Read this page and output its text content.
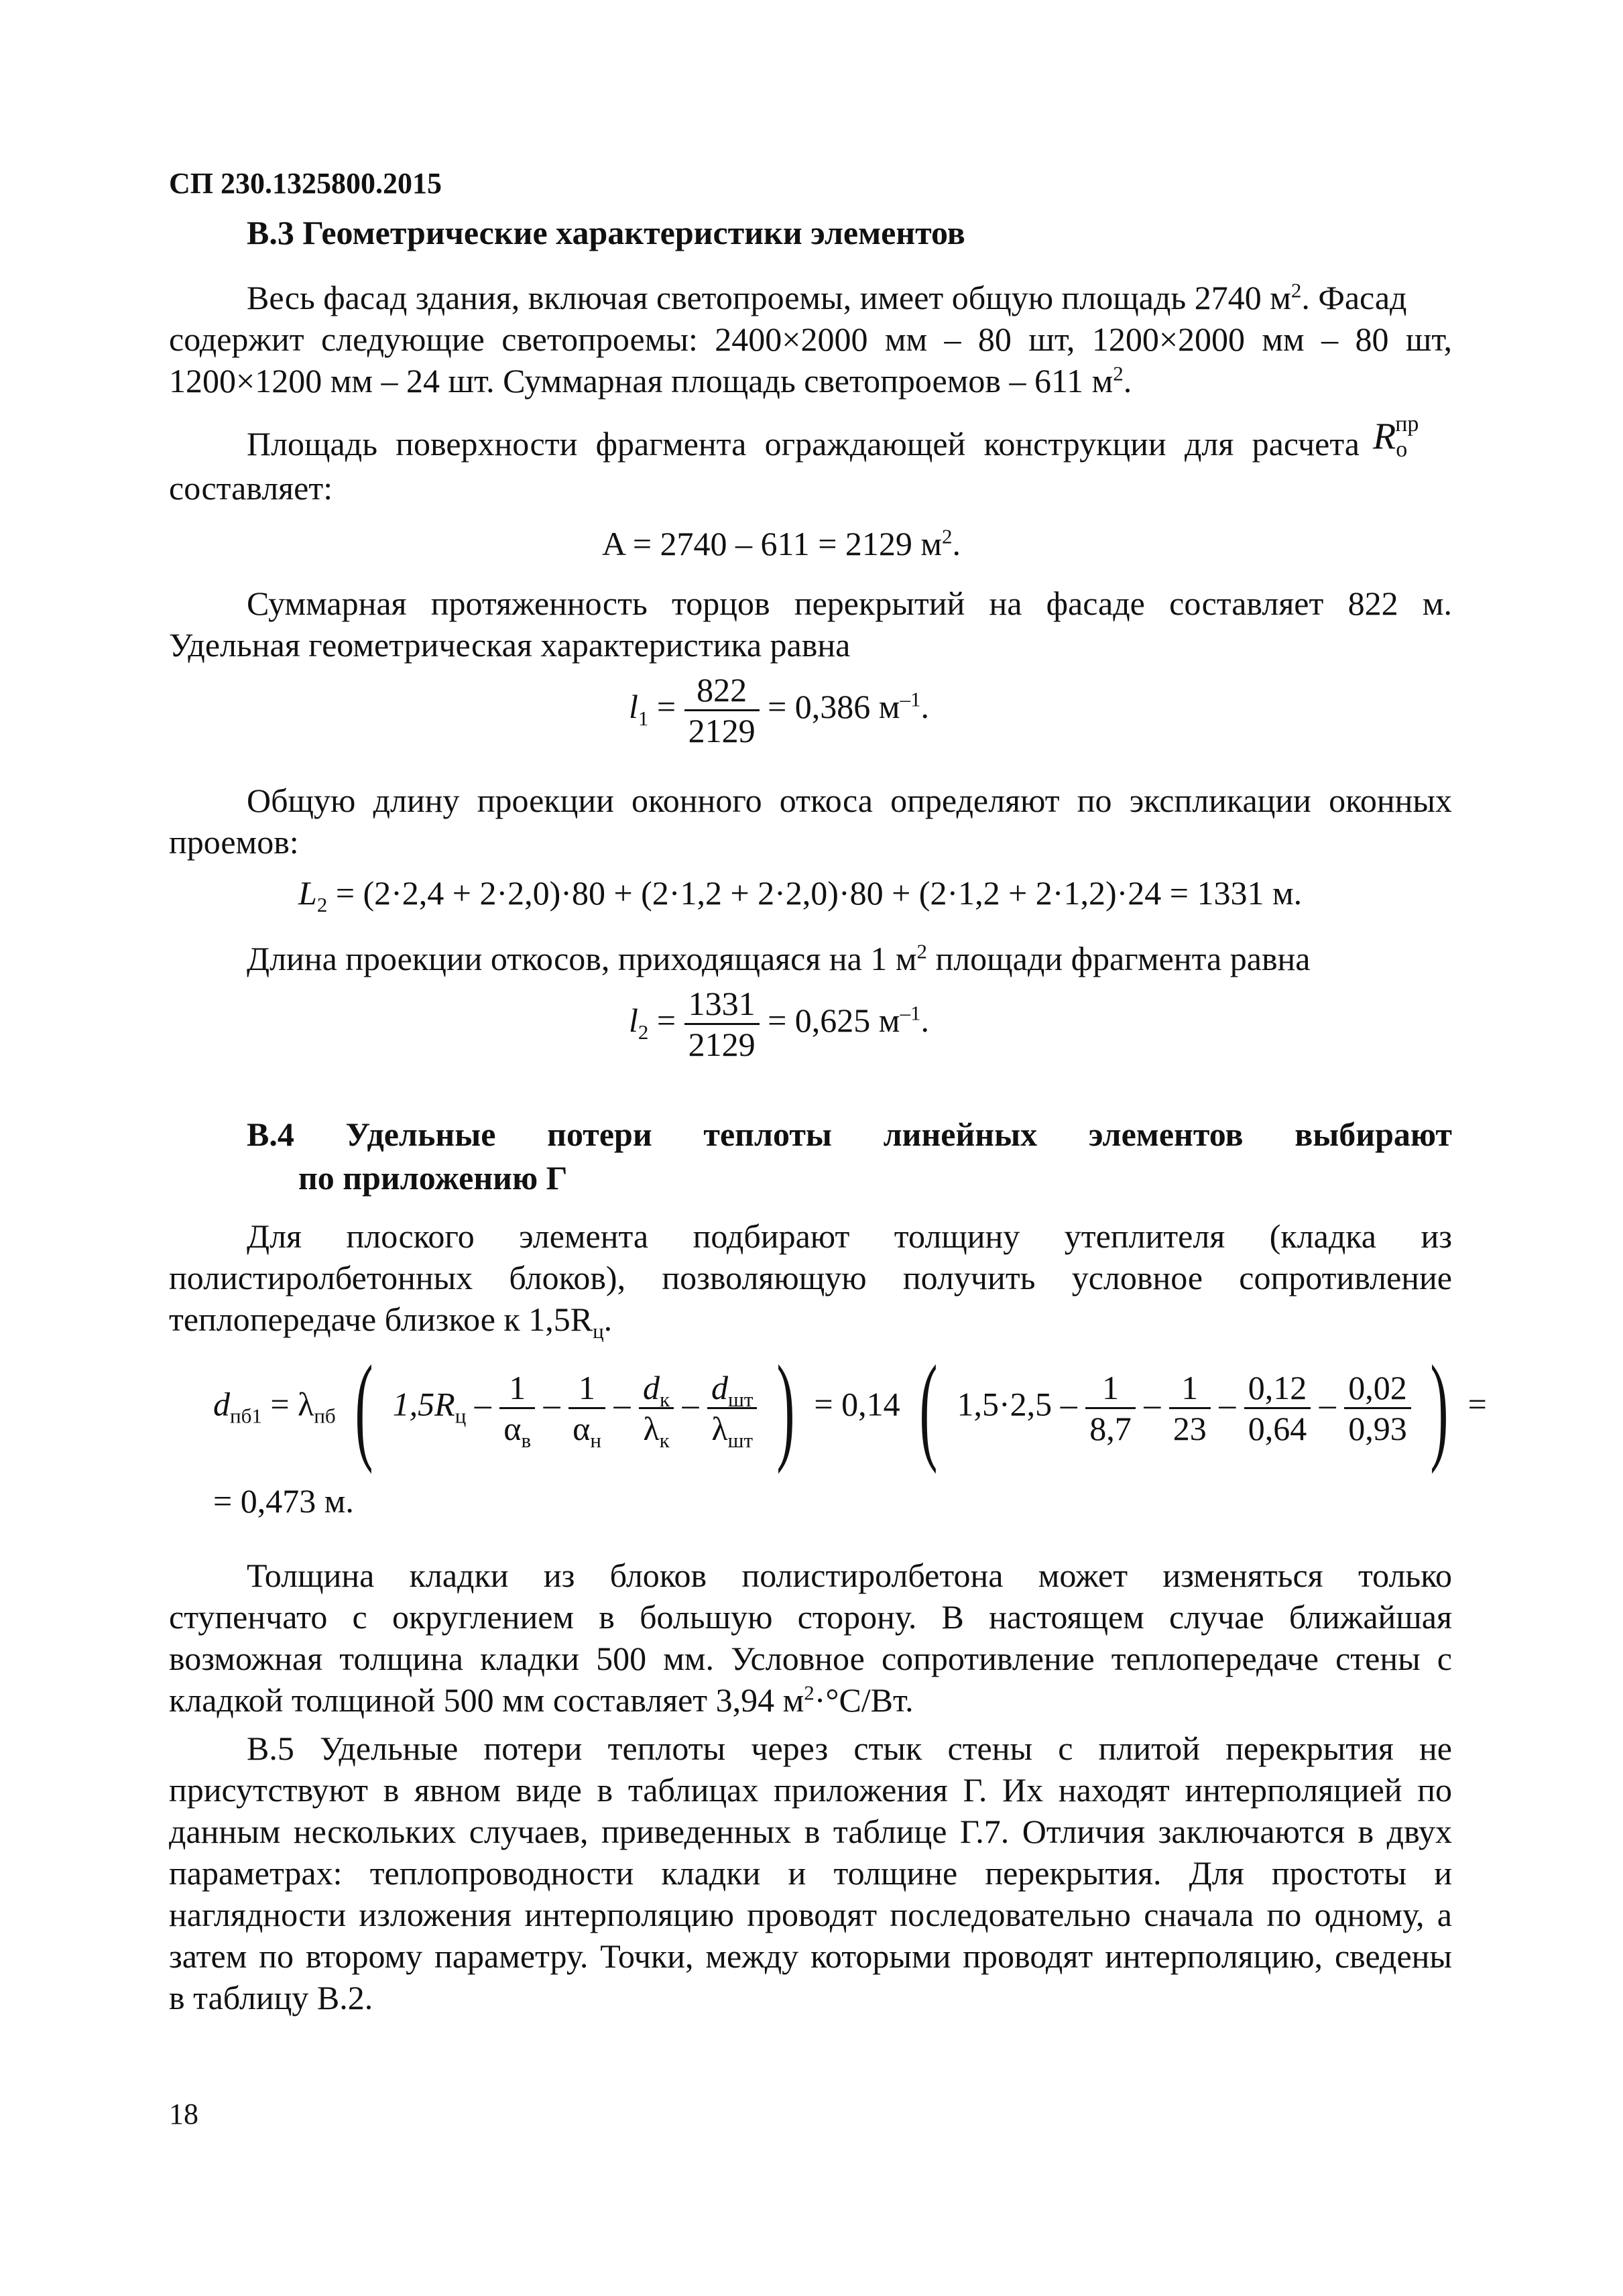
СП 230.1325800.2015
В.3 Геометрические характеристики элементов
Весь фасад здания, включая светопроемы, имеет общую площадь 2740 $м^2$. Фасад
содержит следующие светопроемы: 2400×2000 мм – 80 шт, 1200×2000 мм – 80 шт,
1200×1200 мм – 24 шт. Суммарная площадь светопроемов – 611 $м^2$.
Площадь поверхности фрагмента ограждающей конструкции для расчета $R_о^{пр}$
составляет:
A = 2740 – 611 = 2129 $м^2$.
Суммарная протяженность торцов перекрытий на фасаде составляет 822 м.
Удельная геометрическая характеристика равна
$l_1 = \frac{822}{2129} = 0,386$ $м^{-1}$.
Общую длину проекции оконного откоса определяют по экспликации оконных
проемов:
$L_2 = (2\cdot 2,4 + 2\cdot 2,0)\cdot 80 + (2\cdot 1,2 + 2\cdot 2,0)\cdot 80 + (2\cdot 1,2 + 2\cdot 1,2)\cdot 24 = 1331$ м.
Длина проекции откосов, приходящаяся на 1 $м^2$ площади фрагмента равна
$l_2 = \frac{1331}{2129} = 0,625$ $м^{-1}$.
В.4 Удельные потери теплоты линейных элементов выбирают
по приложению Г
Для плоского элемента подбирают толщину утеплителя (кладка из
полистиролбетонных блоков), позволяющую получить условное сопротивление
теплопередаче близкое к $1,5R_ц$.
$d_{пб1} = \lambda_{пб}$ ( $1,5R_ц - \frac{1}{\alpha_в} - \frac{1}{\alpha_н} - \frac{d_к}{\lambda_к} - \frac{d_{шт}}{\lambda_{шт}}$ ) = 0,14 ( $1,5\cdot 2,5 - \frac{1}{8,7} - \frac{1}{23} - \frac{0,12}{0,64} - \frac{0,02}{0,93}$ ) =
= 0,473 м.
Толщина кладки из блоков полистиролбетона может изменяться только
ступенчато с округлением в большую сторону. В настоящем случае ближайшая
возможная толщина кладки 500 мм. Условное сопротивление теплопередаче стены с
кладкой толщиной 500 мм составляет 3,94 $м^2\cdot^\circ С/Вт$.
В.5 Удельные потери теплоты через стык стены с плитой перекрытия не
присутствуют в явном виде в таблицах приложения Г. Их находят интерполяцией по
данным нескольких случаев, приведенных в таблице Г.7. Отличия заключаются в двух
параметрах: теплопроводности кладки и толщине перекрытия. Для простоты и
наглядности изложения интерполяцию проводят последовательно сначала по одному, а
затем по второму параметру. Точки, между которыми проводят интерполяцию, сведены
в таблицу В.2.
18
